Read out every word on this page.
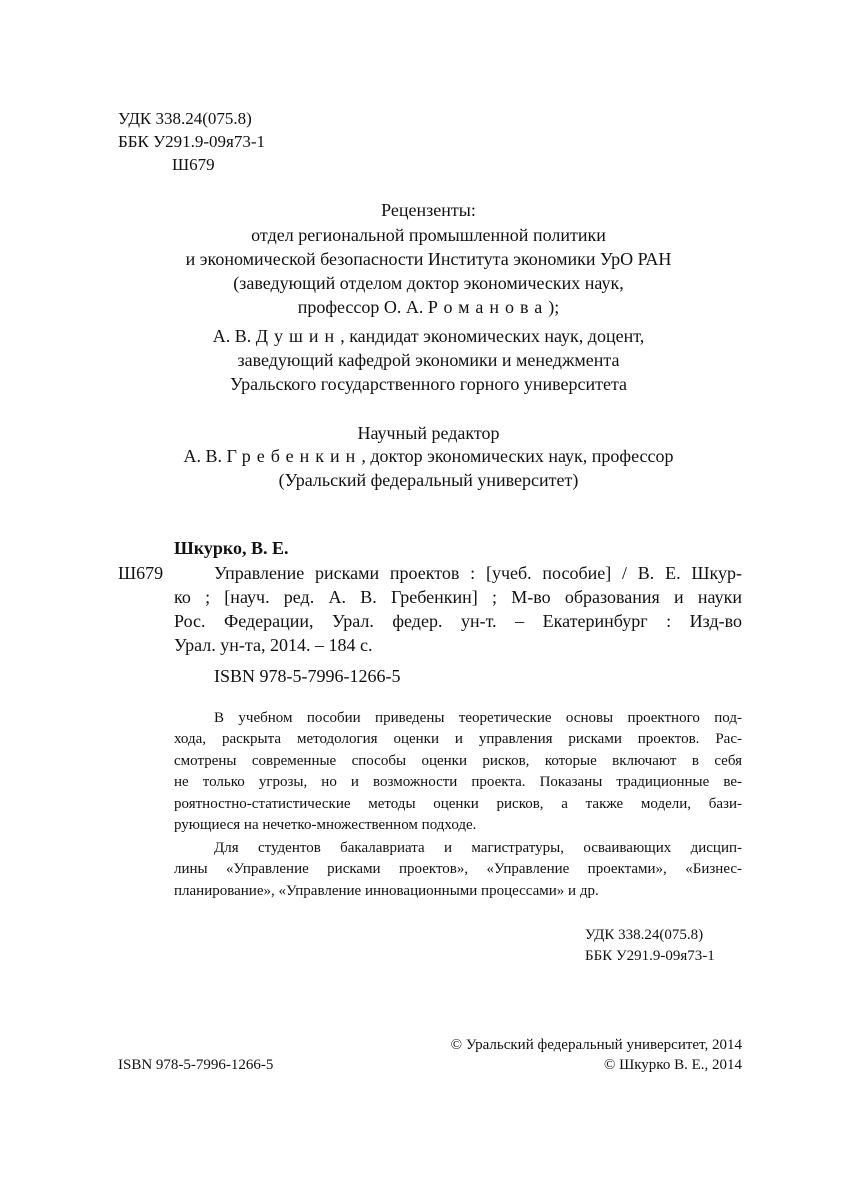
УДК 338.24(075.8)
ББК У291.9-09я73-1
Ш679
Рецензенты:
отдел региональной промышленной политики
и экономической безопасности Института экономики УрО РАН
(заведующий отделом доктор экономических наук,
профессор О. А. Романова);
А. В. Душин, кандидат экономических наук, доцент,
заведующий кафедрой экономики и менеджмента
Уральского государственного горного университета
Научный редактор
А. В. Гребенкин, доктор экономических наук, профессор
(Уральский федеральный университет)
Шкурко, В. Е.
Ш679	Управление рисками проектов : [учеб. пособие] / В. Е. Шкур-
ко ; [науч. ред. А. В. Гребенкин] ; М-во образования и науки
Рос. Федерации, Урал. федер. ун-т. – Екатеринбург : Изд-во
Урал. ун-та, 2014. – 184 с.
ISBN 978-5-7996-1266-5
В учебном пособии приведены теоретические основы проектного под-
хода, раскрыта методология оценки и управления рисками проектов. Рас-
смотрены современные способы оценки рисков, которые включают в себя
не только угрозы, но и возможности проекта. Показаны традиционные ве-
роятностно-статистические методы оценки рисков, а также модели, бази-
рующиеся на нечетко-множественном подходе.
Для студентов бакалавриата и магистратуры, осваивающих дисцип-
лины «Управление рисками проектов», «Управление проектами», «Бизнес-
планирование», «Управление инновационными процессами» и др.
УДК 338.24(075.8)
ББК У291.9-09я73-1
© Уральский федеральный университет, 2014
ISBN 978-5-7996-1266-5	© Шкурко В. Е., 2014
